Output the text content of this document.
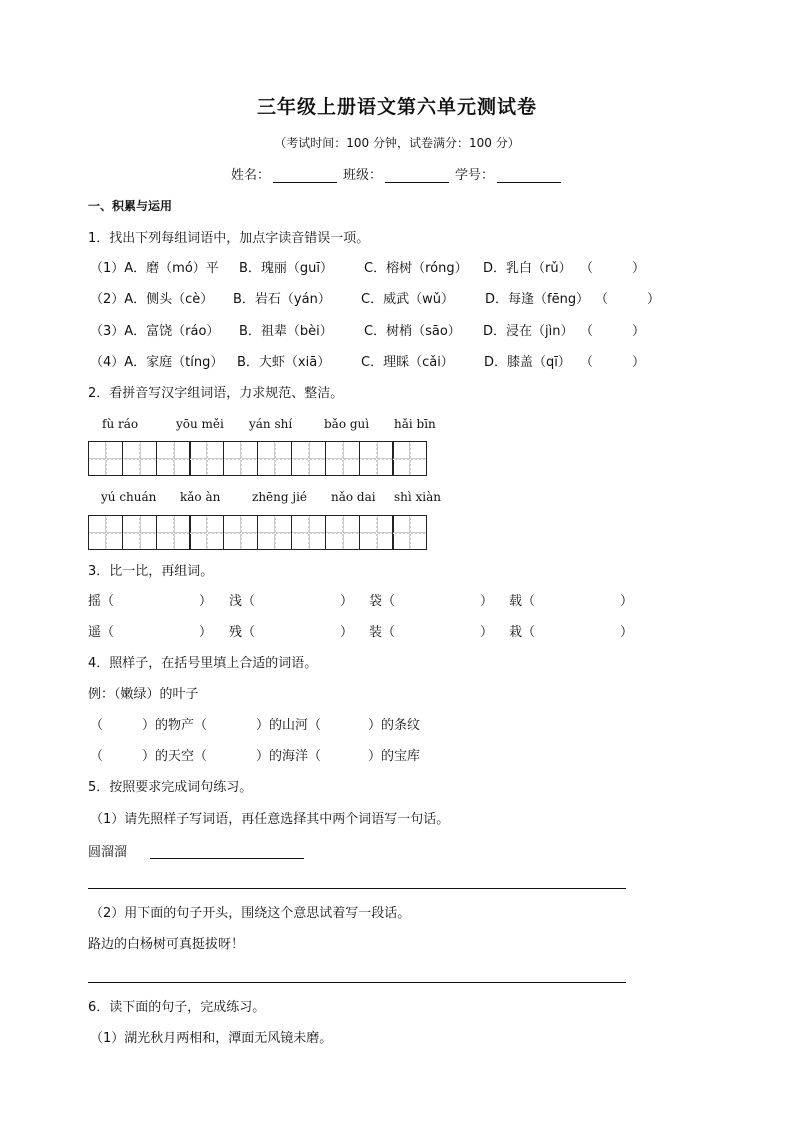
三年级上册语文第六单元测试卷
（考试时间：100 分钟，试卷满分：100 分）
姓名：	班级：	学号：
一、积累与运用
1．找出下列每组词语中，加点字读音错误一项。
（1）A．磨（mó）平 B．瑰丽（guī） C．榕树（róng） D．乳白（rǔ） （　　　）
（2）A．侧头（cè） B．岩石（yán） C．威武（wǔ） D．每逢（fēng） （　　　）
（3）A．富饶（ráo） B．祖辈（bèi） C．树梢（sāo） D．浸在（jìn） （　　　）
（4）A．家庭（tíng） B．大虾（xiā） C．理睬（cǎi） D．膝盖（qī） （　　　）
2．看拼音写汉字组词语，力求规范、整洁。
fù ráo	yōu měi yán shí	bǎo guì hǎi bīn
yú chuán kǎo àn	zhēng jié nǎo dai shì xiàn
3．比一比，再组词。
摇（	） 浅（	） 袋（	） 载（	）
遥（	） 残（	） 装（	） 栽（	）
4．照样子，在括号里填上合适的词语。
例：（嫩绿）的叶子
（	）的物产（	）的山河（	）的条纹
（	）的天空（	）的海洋（	）的宝库
5．按照要求完成词句练习。
（1）请先照样子写词语，再任意选择其中两个词语写一句话。
圆溜溜
（2）用下面的句子开头，围绕这个意思试着写一段话。
路边的白杨树可真挺拔呀！
6．读下面的句子，完成练习。
（1）湖光秋月两相和，潭面无风镜未磨。
